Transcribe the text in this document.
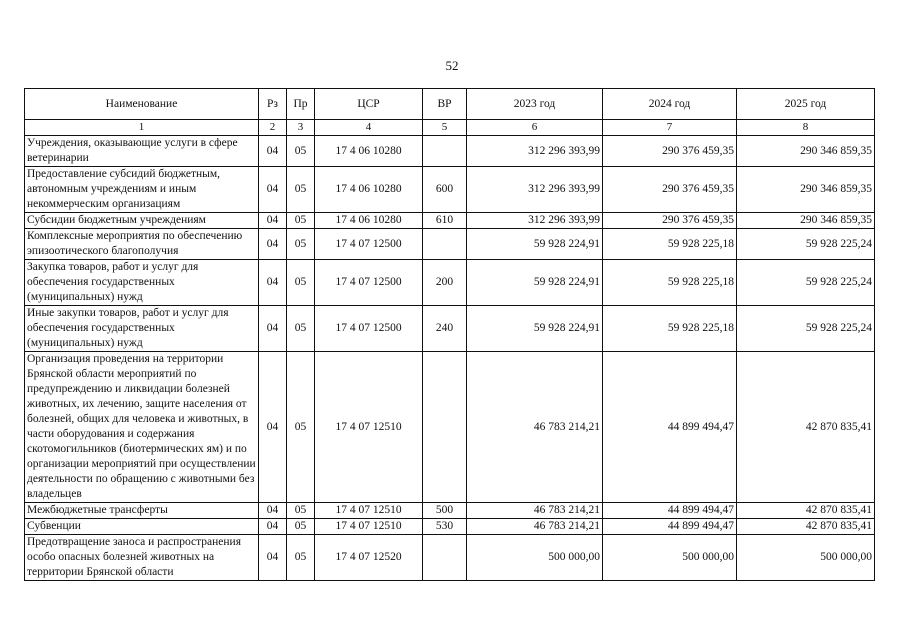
52
Наименование	Рз	Пр	ЦСР	ВР	2023 год	2024 год	2025 год
1	2	3	4	5	6	7	8
Учреждения, оказывающие услуги в сфере ветеринарии	04	05	17 4 06 10280		312 296 393,99	290 376 459,35	290 346 859,35
Предоставление субсидий бюджетным, автономным учреждениям и иным некоммерческим организациям	04	05	17 4 06 10280	600	312 296 393,99	290 376 459,35	290 346 859,35
Субсидии бюджетным учреждениям	04	05	17 4 06 10280	610	312 296 393,99	290 376 459,35	290 346 859,35
Комплексные мероприятия по обеспечению эпизоотического благополучия	04	05	17 4 07 12500		59 928 224,91	59 928 225,18	59 928 225,24
Закупка товаров, работ и услуг для обеспечения государственных (муниципальных) нужд	04	05	17 4 07 12500	200	59 928 224,91	59 928 225,18	59 928 225,24
Иные закупки товаров, работ и услуг для обеспечения государственных (муниципальных) нужд	04	05	17 4 07 12500	240	59 928 224,91	59 928 225,18	59 928 225,24
Организация проведения на территории Брянской области мероприятий по предупреждению и ликвидации болезней животных, их лечению, защите населения от болезней, общих для человека и животных, в части оборудования и содержания скотомогильников (биотермических ям) и по организации мероприятий при осуществлении деятельности по обращению с животными без владельцев	04	05	17 4 07 12510		46 783 214,21	44 899 494,47	42 870 835,41
Межбюджетные трансферты	04	05	17 4 07 12510	500	46 783 214,21	44 899 494,47	42 870 835,41
Субвенции	04	05	17 4 07 12510	530	46 783 214,21	44 899 494,47	42 870 835,41
Предотвращение заноса и распространения особо опасных болезней животных на территории Брянской области	04	05	17 4 07 12520		500 000,00	500 000,00	500 000,00
